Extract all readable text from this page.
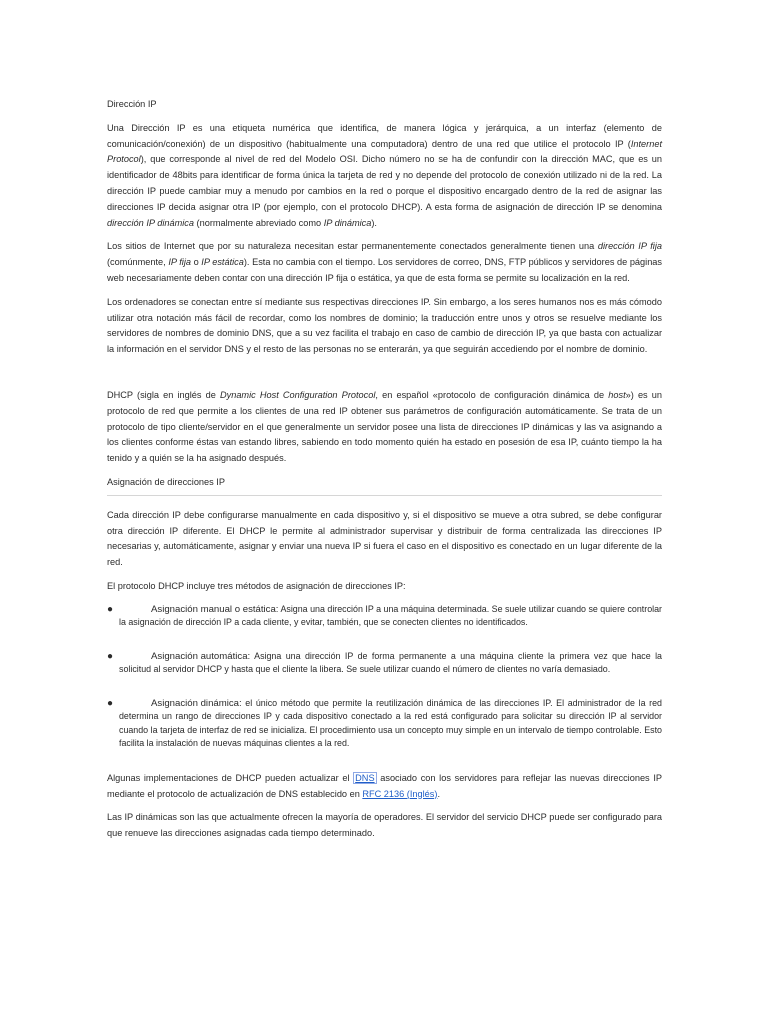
Dirección IP

Una Dirección IP es una etiqueta numérica que identifica, de manera lógica y jerárquica, a un interfaz (elemento de comunicación/conexión) de un dispositivo (habitualmente una computadora) dentro de una red que utilice el protocolo IP (Internet Protocol), que corresponde al nivel de red del Modelo OSI. Dicho número no se ha de confundir con la dirección MAC, que es un identificador de 48bits para identificar de forma única la tarjeta de red y no depende del protocolo de conexión utilizado ni de la red. La dirección IP puede cambiar muy a menudo por cambios en la red o porque el dispositivo encargado dentro de la red de asignar las direcciones IP decida asignar otra IP (por ejemplo, con el protocolo DHCP). A esta forma de asignación de dirección IP se denomina dirección IP dinámica (normalmente abreviado como IP dinámica).

Los sitios de Internet que por su naturaleza necesitan estar permanentemente conectados generalmente tienen una dirección IP fija (comúnmente, IP fija o IP estática). Esta no cambia con el tiempo. Los servidores de correo, DNS, FTP públicos y servidores de páginas web necesariamente deben contar con una dirección IP fija o estática, ya que de esta forma se permite su localización en la red.

Los ordenadores se conectan entre sí mediante sus respectivas direcciones IP. Sin embargo, a los seres humanos nos es más cómodo utilizar otra notación más fácil de recordar, como los nombres de dominio; la traducción entre unos y otros se resuelve mediante los servidores de nombres de dominio DNS, que a su vez facilita el trabajo en caso de cambio de dirección IP, ya que basta con actualizar la información en el servidor DNS y el resto de las personas no se enterarán, ya que seguirán accediendo por el nombre de dominio.

DHCP (sigla en inglés de Dynamic Host Configuration Protocol, en español «protocolo de configuración dinámica de host») es un protocolo de red que permite a los clientes de una red IP obtener sus parámetros de configuración automáticamente. Se trata de un protocolo de tipo cliente/servidor en el que generalmente un servidor posee una lista de direcciones IP dinámicas y las va asignando a los clientes conforme éstas van estando libres, sabiendo en todo momento quién ha estado en posesión de esa IP, cuánto tiempo la ha tenido y a quién se la ha asignado después.

Asignación de direcciones IP

Cada dirección IP debe configurarse manualmente en cada dispositivo y, si el dispositivo se mueve a otra subred, se debe configurar otra dirección IP diferente. El DHCP le permite al administrador supervisar y distribuir de forma centralizada las direcciones IP necesarias y, automáticamente, asignar y enviar una nueva IP si fuera el caso en el dispositivo es conectado en un lugar diferente de la red.

El protocolo DHCP incluye tres métodos de asignación de direcciones IP:

●	Asignación manual o estática: Asigna una dirección IP a una máquina determinada. Se suele utilizar cuando se quiere controlar la asignación de dirección IP a cada cliente, y evitar, también, que se conecten clientes no identificados.
●	Asignación automática: Asigna una dirección IP de forma permanente a una máquina cliente la primera vez que hace la solicitud al servidor DHCP y hasta que el cliente la libera. Se suele utilizar cuando el número de clientes no varía demasiado.
●	Asignación dinámica: el único método que permite la reutilización dinámica de las direcciones IP. El administrador de la red determina un rango de direcciones IP y cada dispositivo conectado a la red está configurado para solicitar su dirección IP al servidor cuando la tarjeta de interfaz de red se inicializa. El procedimiento usa un concepto muy simple en un intervalo de tiempo controlable. Esto facilita la instalación de nuevas máquinas clientes a la red.

Algunas implementaciones de DHCP pueden actualizar el DNS asociado con los servidores para reflejar las nuevas direcciones IP mediante el protocolo de actualización de DNS establecido en RFC 2136 (Inglés).

Las IP dinámicas son las que actualmente ofrecen la mayoría de operadores. El servidor del servicio DHCP puede ser configurado para que renueve las direcciones asignadas cada tiempo determinado.
